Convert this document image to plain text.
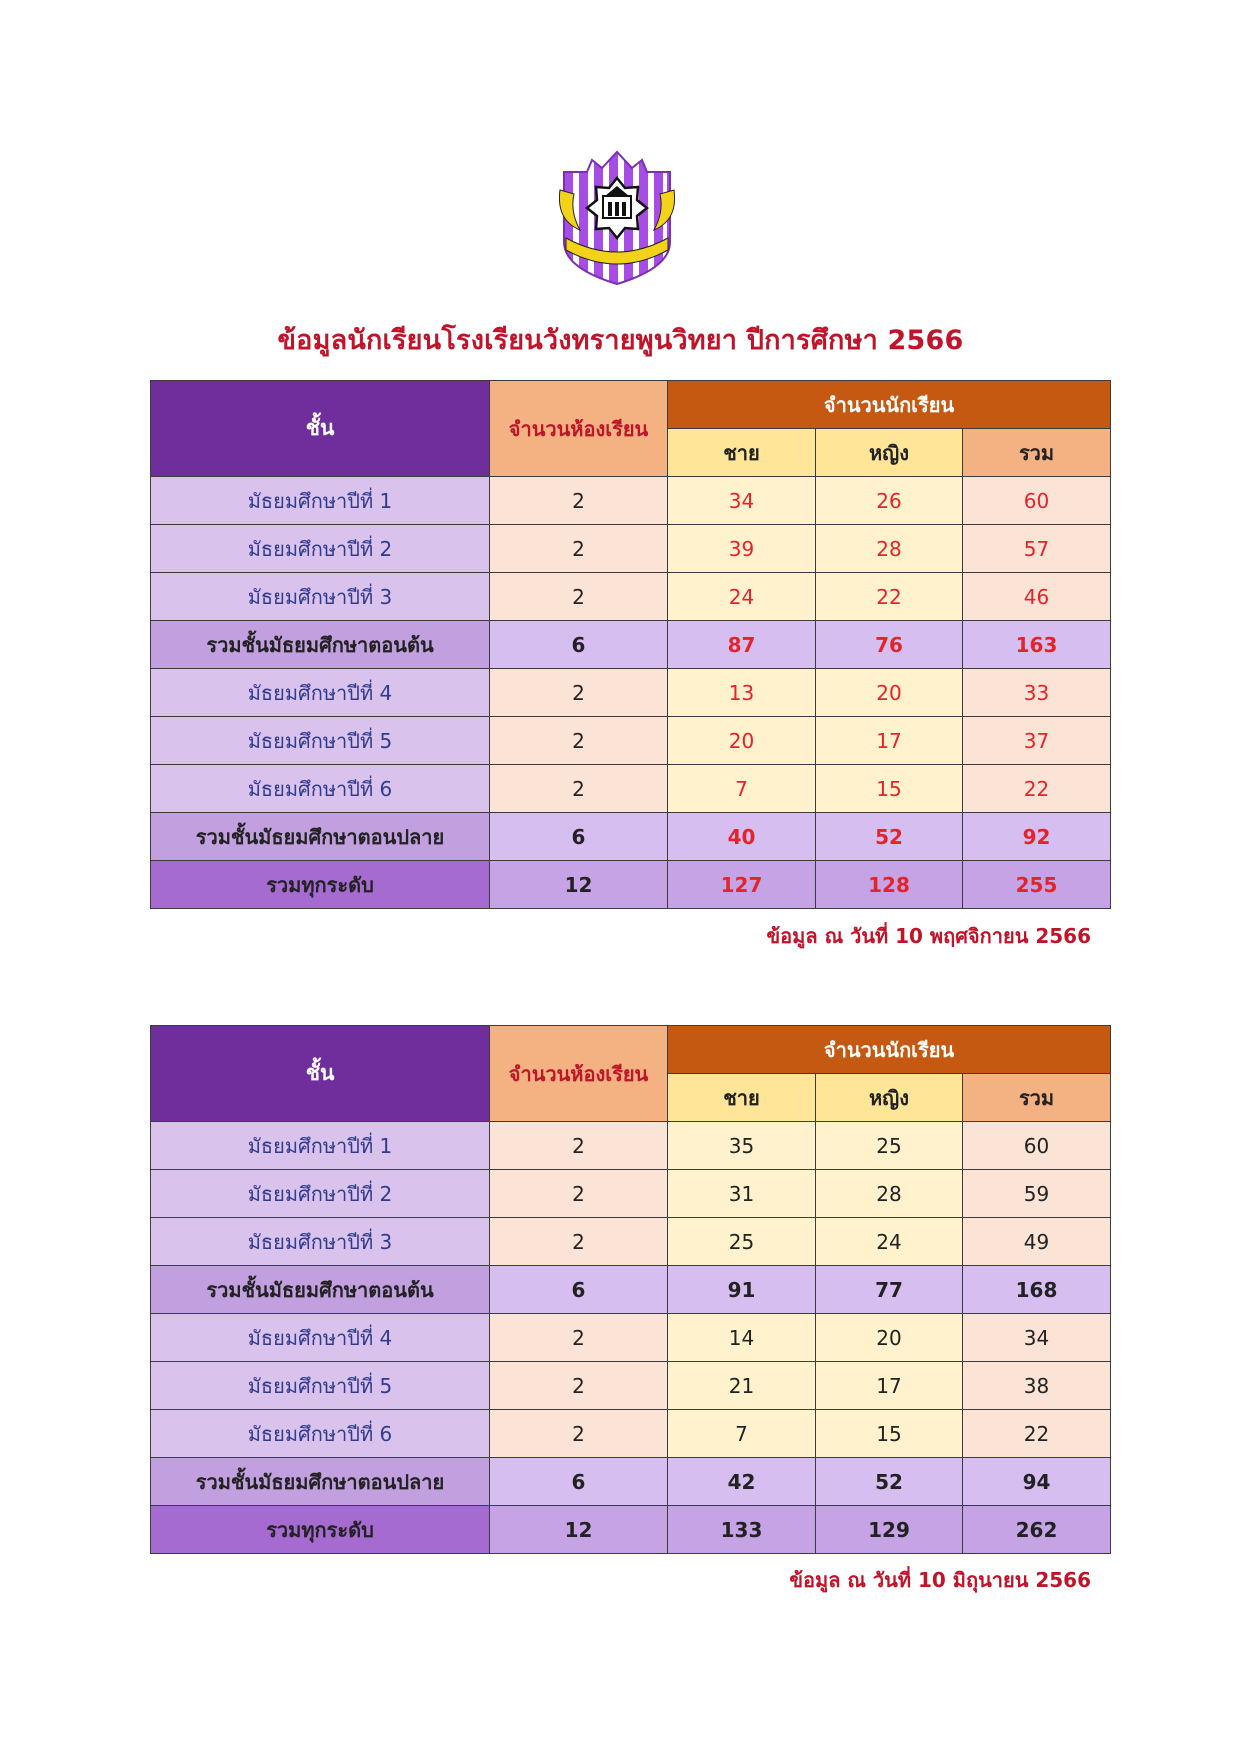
ข้อมูลนักเรียนโรงเรียนวังทรายพูนวิทยา ปีการศึกษา 2566
ชั้น	จำนวนห้องเรียน	จำนวนนักเรียน		
		ชาย	หญิง	รวม
มัธยมศึกษาปีที่ 1	2	34	26	60
มัธยมศึกษาปีที่ 2	2	39	28	57
มัธยมศึกษาปีที่ 3	2	24	22	46
รวมชั้นมัธยมศึกษาตอนต้น	6	87	76	163
มัธยมศึกษาปีที่ 4	2	13	20	33
มัธยมศึกษาปีที่ 5	2	20	17	37
มัธยมศึกษาปีที่ 6	2	7	15	22
รวมชั้นมัธยมศึกษาตอนปลาย	6	40	52	92
รวมทุกระดับ	12	127	128	255
ข้อมูล ณ วันที่ 10 พฤศจิกายน 2566
ชั้น	จำนวนห้องเรียน	จำนวนนักเรียน		
		ชาย	หญิง	รวม
มัธยมศึกษาปีที่ 1	2	35	25	60
มัธยมศึกษาปีที่ 2	2	31	28	59
มัธยมศึกษาปีที่ 3	2	25	24	49
รวมชั้นมัธยมศึกษาตอนต้น	6	91	77	168
มัธยมศึกษาปีที่ 4	2	14	20	34
มัธยมศึกษาปีที่ 5	2	21	17	38
มัธยมศึกษาปีที่ 6	2	7	15	22
รวมชั้นมัธยมศึกษาตอนปลาย	6	42	52	94
รวมทุกระดับ	12	133	129	262
ข้อมูล ณ วันที่ 10 มิถุนายน 2566
